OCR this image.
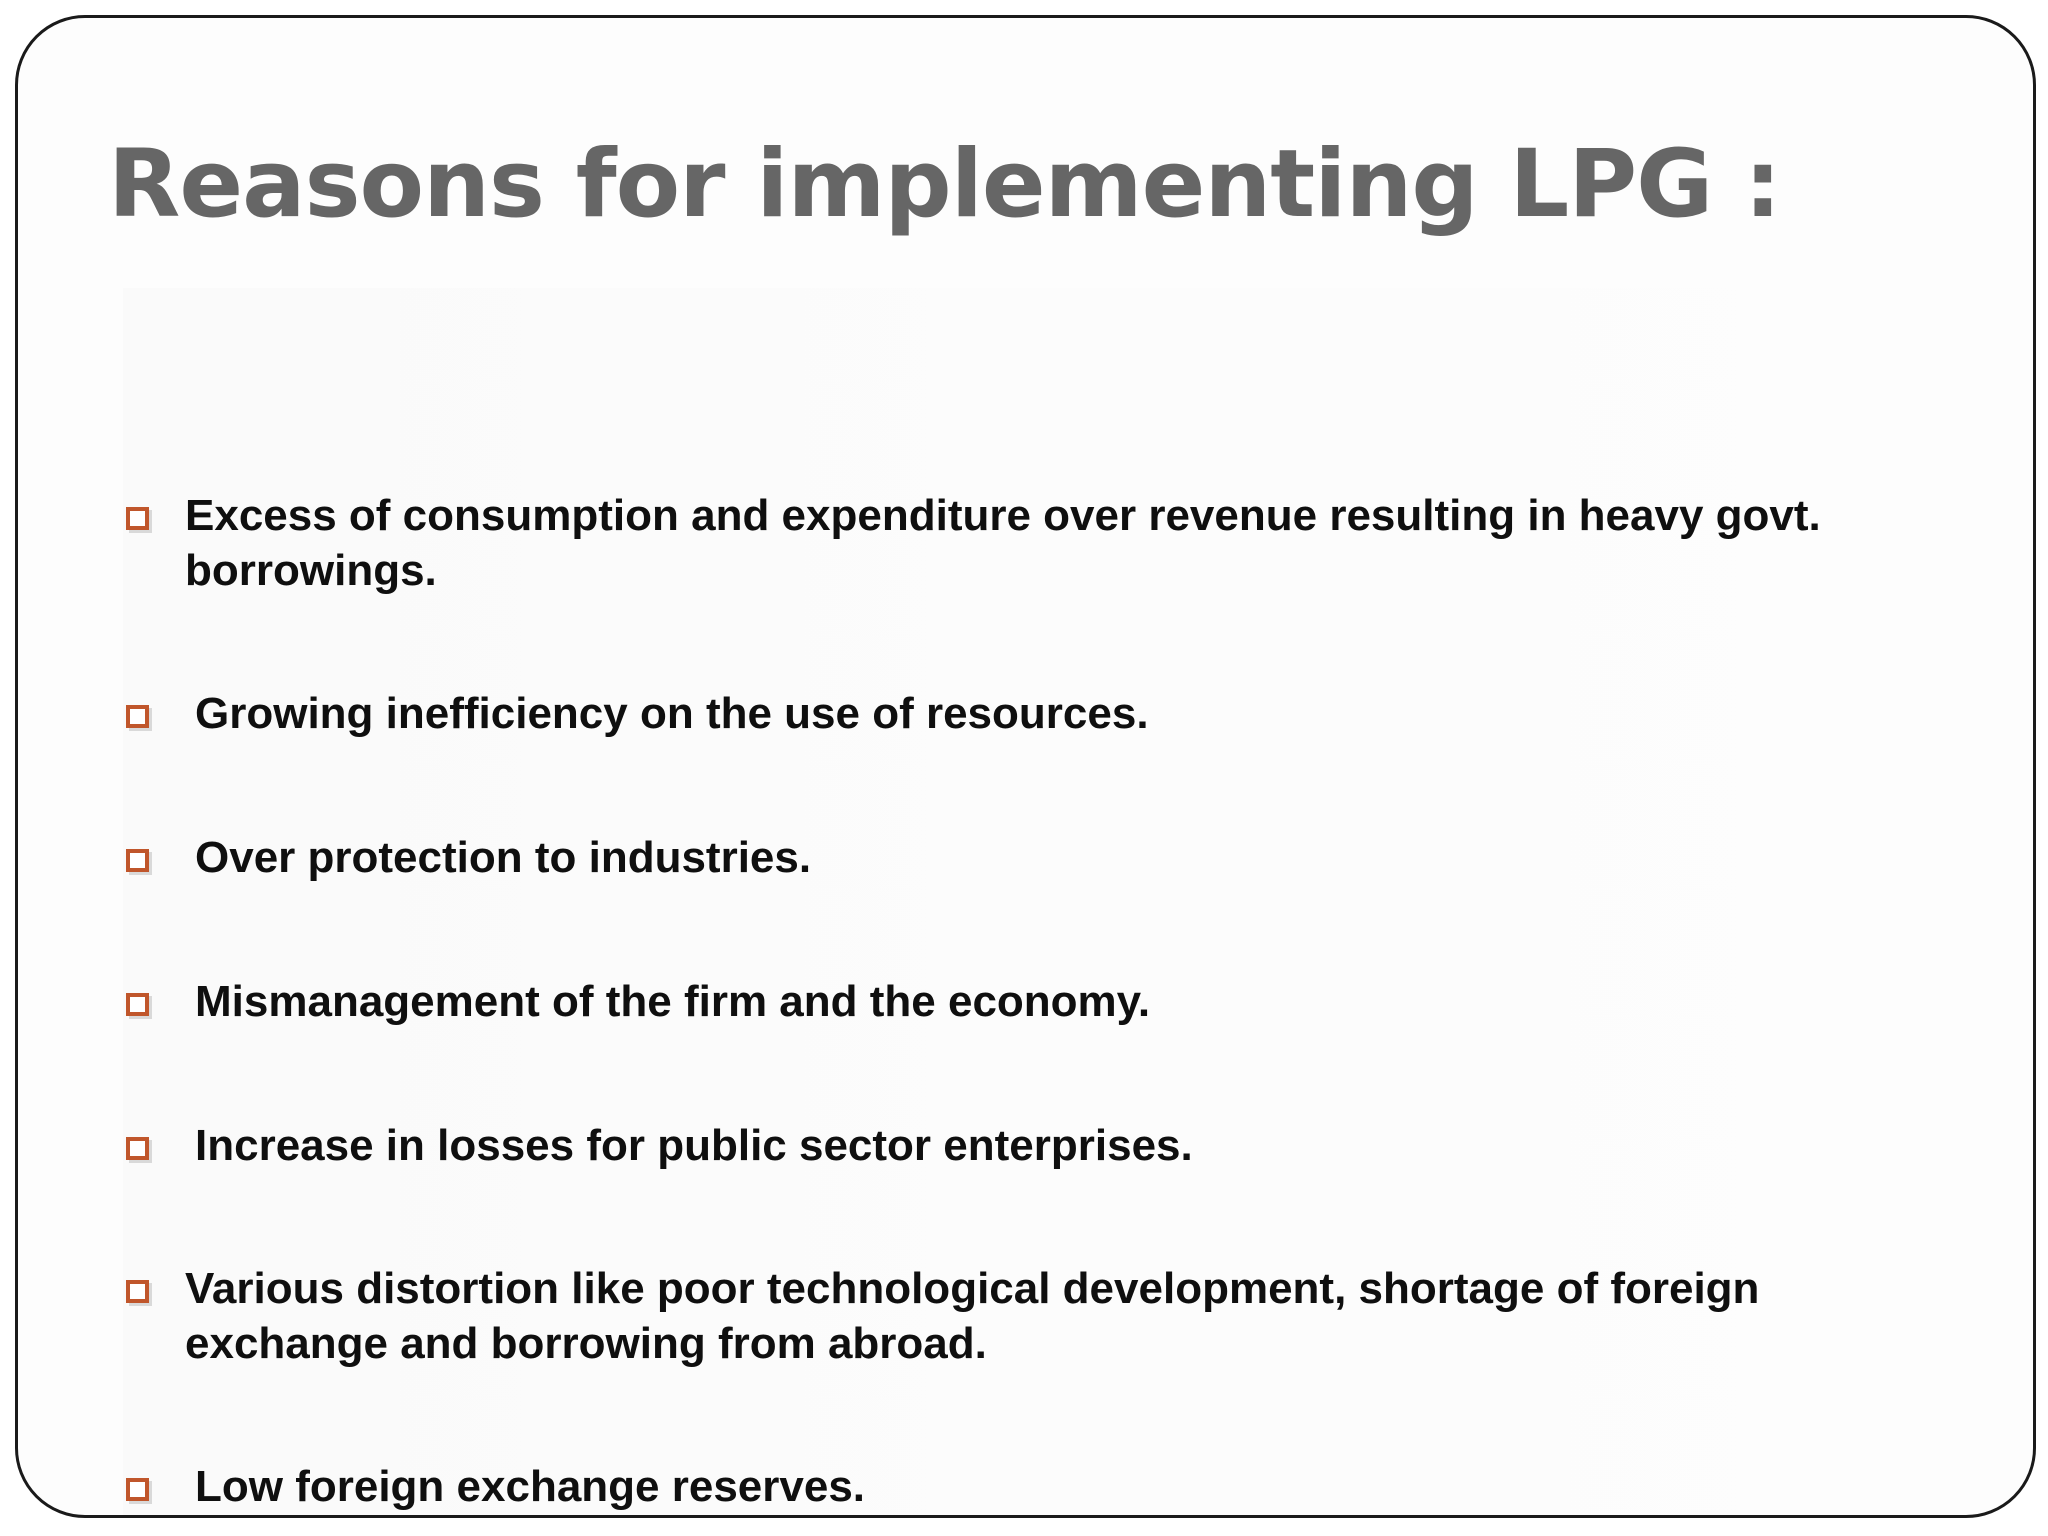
Reasons for implementing LPG :
Excess of consumption and expenditure over revenue resulting in heavy govt. borrowings.
Growing inefficiency on the use of resources.
Over protection to industries.
Mismanagement of the firm and the economy.
Increase in losses for public sector enterprises.
Various distortion like poor technological development, shortage of foreign exchange and borrowing from abroad.
Low foreign exchange reserves.
